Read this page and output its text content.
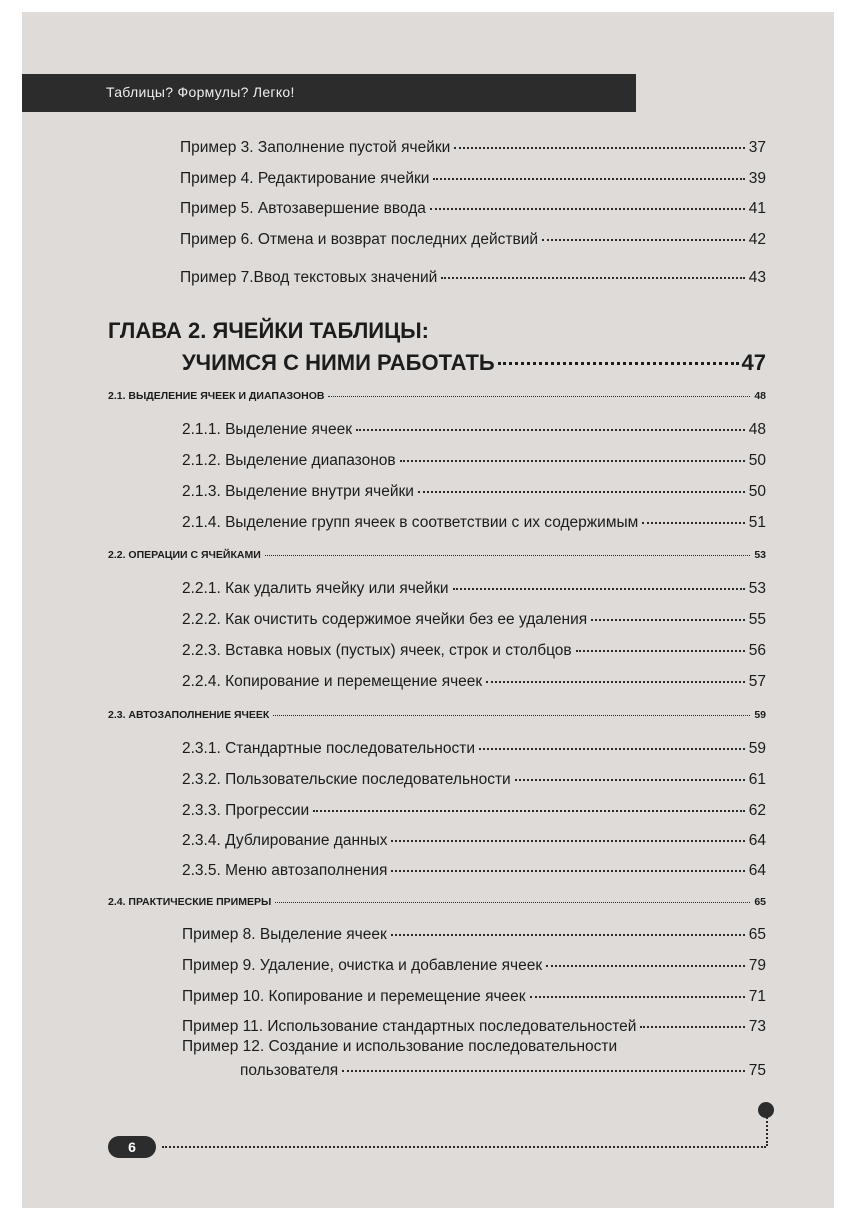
Таблицы? Формулы? Легко!
Пример 3. Заполнение пустой ячейки	37
Пример 4. Редактирование ячейки	39
Пример 5. Автозавершение ввода	41
Пример 6. Отмена и возврат последних действий	42
Пример 7.Ввод текстовых значений	43
ГЛАВА 2. ЯЧЕЙКИ ТАБЛИЦЫ:
УЧИМСЯ С НИМИ РАБОТАТЬ	47
2.1. ВЫДЕЛЕНИЕ ЯЧЕЕК И ДИАПАЗОНОВ	48
2.1.1. Выделение ячеек	48
2.1.2. Выделение диапазонов	50
2.1.3. Выделение внутри ячейки	50
2.1.4. Выделение групп ячеек в соответствии с их содержимым	51
2.2. ОПЕРАЦИИ С ЯЧЕЙКАМИ	53
2.2.1. Как удалить ячейку или ячейки	53
2.2.2. Как очистить содержимое ячейки без ее удаления	55
2.2.3. Вставка новых (пустых) ячеек, строк и столбцов	56
2.2.4. Копирование и перемещение ячеек	57
2.3. АВТОЗАПОЛНЕНИЕ ЯЧЕЕК	59
2.3.1. Стандартные последовательности	59
2.3.2. Пользовательские последовательности	61
2.3.3. Прогрессии	62
2.3.4. Дублирование данных	64
2.3.5. Меню автозаполнения	64
2.4. ПРАКТИЧЕСКИЕ ПРИМЕРЫ	65
Пример 8. Выделение ячеек	65
Пример 9. Удаление, очистка и добавление ячеек	79
Пример 10. Копирование и перемещение ячеек	71
Пример 11. Использование стандартных последовательностей	73
Пример 12. Создание и использование последовательности
пользователя	75
6
